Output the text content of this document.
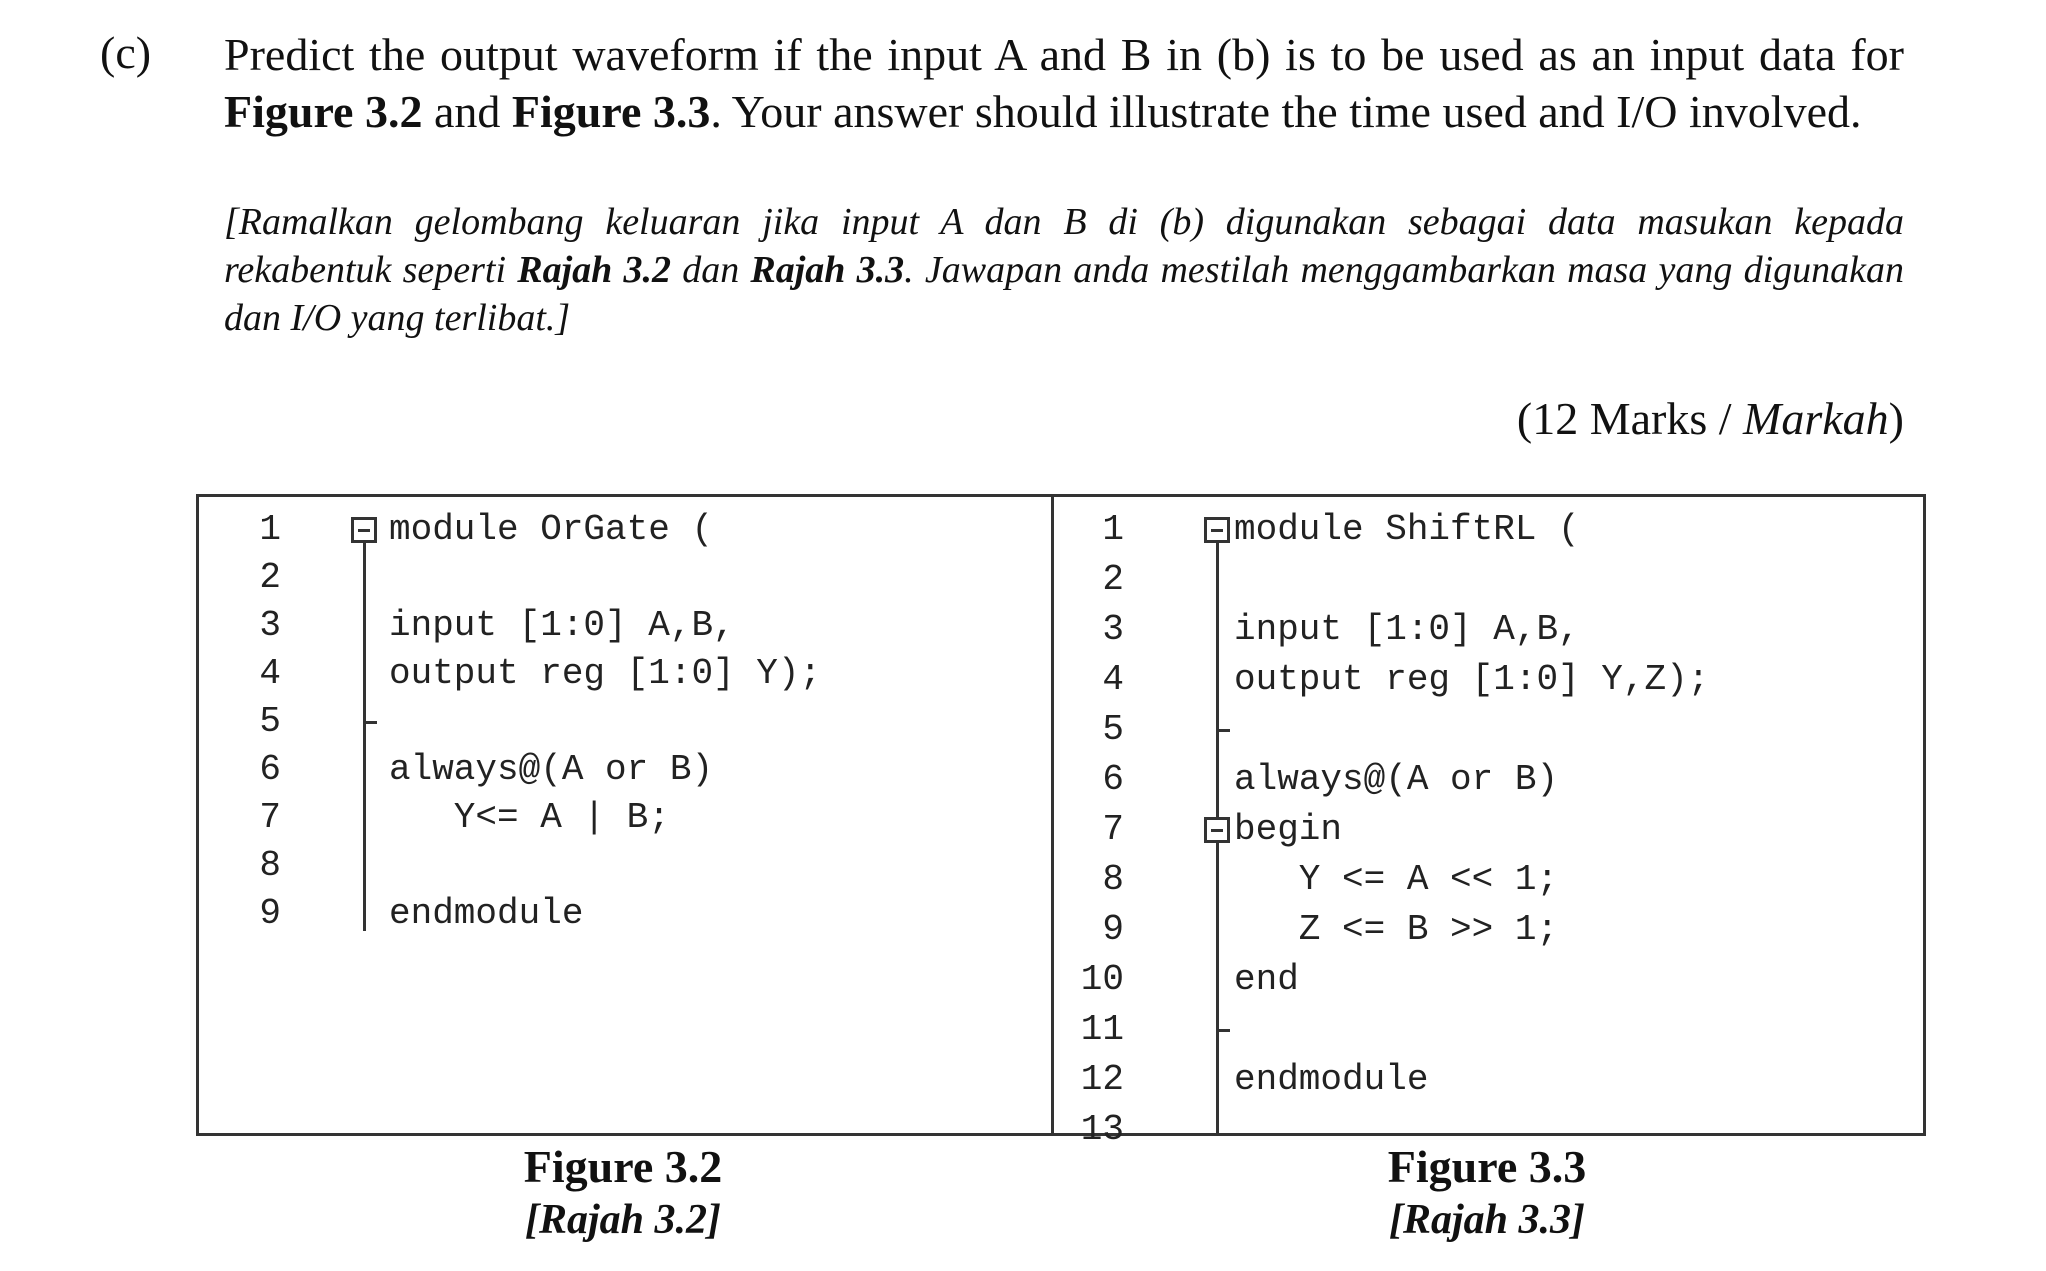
(c) Predict the output waveform if the input A and B in (b) is to be used as an input data for Figure 3.2 and Figure 3.3. Your answer should illustrate the time used and I/O involved.
[Ramalkan gelombang keluaran jika input A dan B di (b) digunakan sebagai data masukan kepada rekabentuk seperti Rajah 3.2 dan Rajah 3.3. Jawapan anda mestilah menggambarkan masa yang digunakan dan I/O yang terlibat.]
(12 Marks / Markah)
1	module OrGate (
2
3	input [1:0] A,B,
4	output reg [1:0] Y);
5
6	always@(A or B)
7	Y<= A | B;
8
9	endmodule
1	module ShiftRL (
2
3	input [1:0] A,B,
4	output reg [1:0] Y,Z);
5
6	always@(A or B)
7	begin
8	Y <= A << 1;
9	Z <= B >> 1;
10	end
11
12	endmodule
13
Figure 3.2
[Rajah 3.2]
Figure 3.3
[Rajah 3.3]
